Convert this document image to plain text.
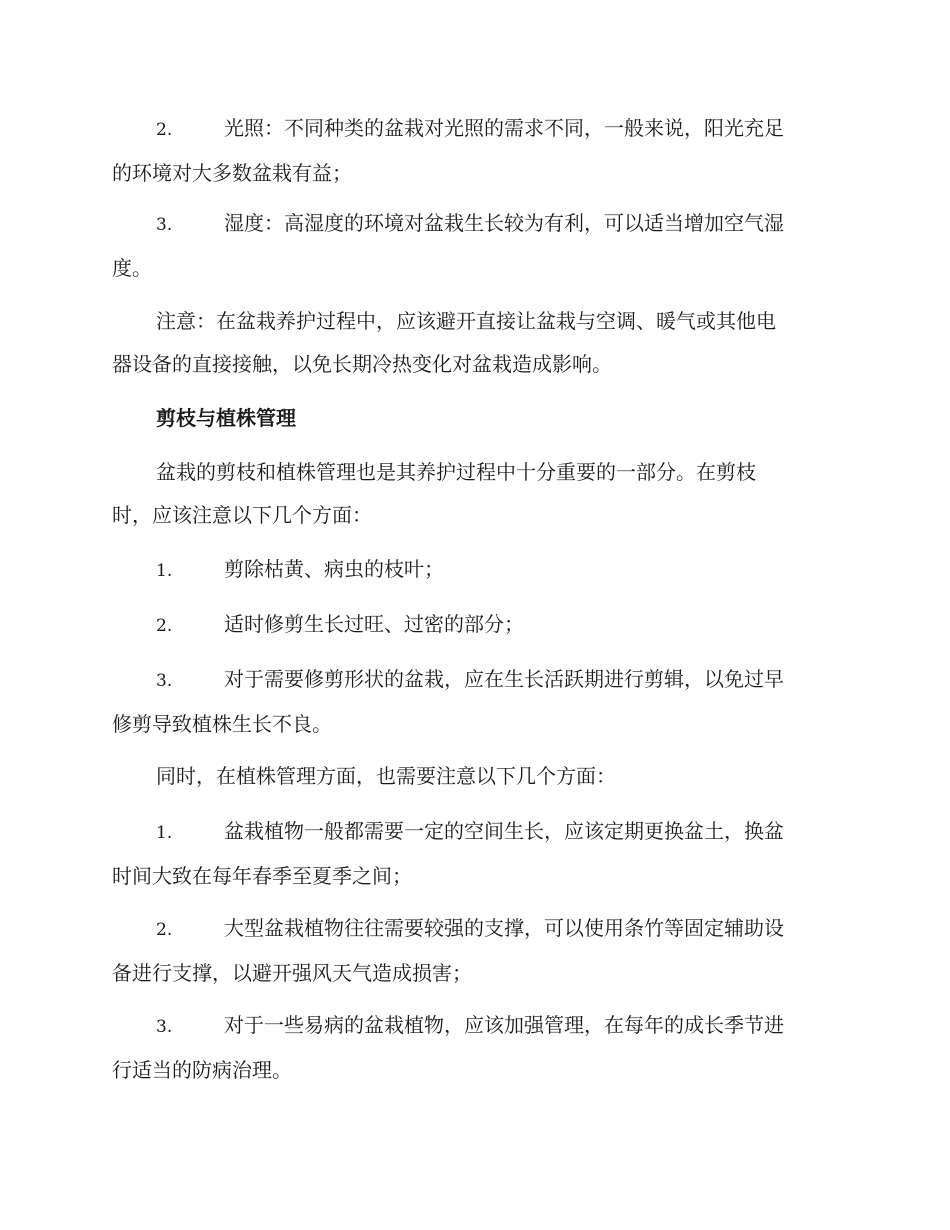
2.	光照：不同种类的盆栽对光照的需求不同，一般来说，阳光充足
的环境对大多数盆栽有益；
3.	湿度：高湿度的环境对盆栽生长较为有利，可以适当增加空气湿
度。
注意：在盆栽养护过程中，应该避开直接让盆栽与空调、暖气或其他电
器设备的直接接触，以免长期冷热变化对盆栽造成影响。
剪枝与植株管理
盆栽的剪枝和植株管理也是其养护过程中十分重要的一部分。在剪枝
时，应该注意以下几个方面：
1.	剪除枯黄、病虫的枝叶；
2.	适时修剪生长过旺、过密的部分；
3.	对于需要修剪形状的盆栽，应在生长活跃期进行剪辑，以免过早
修剪导致植株生长不良。
同时，在植株管理方面，也需要注意以下几个方面：
1.	盆栽植物一般都需要一定的空间生长，应该定期更换盆土，换盆
时间大致在每年春季至夏季之间；
2.	大型盆栽植物往往需要较强的支撑，可以使用条竹等固定辅助设
备进行支撑，以避开强风天气造成损害；
3.	对于一些易病的盆栽植物，应该加强管理，在每年的成长季节进
行适当的防病治理。
